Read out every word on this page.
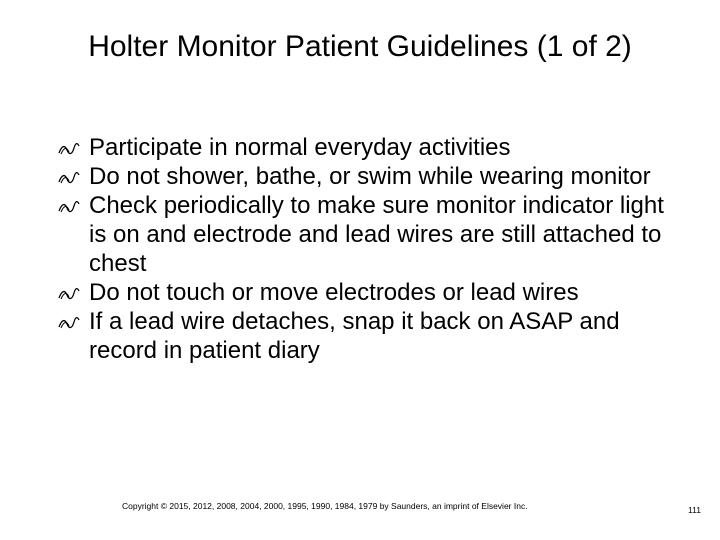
Holter Monitor Patient Guidelines (1 of 2)
Participate in normal everyday activities
Do not shower, bathe, or swim while wearing monitor
Check periodically to make sure monitor indicator light is on and electrode and lead wires are still attached to chest
Do not touch or move electrodes or lead wires
If a lead wire detaches, snap it back on ASAP and record in patient diary
Copyright © 2015, 2012, 2008, 2004, 2000, 1995, 1990, 1984, 1979 by Saunders, an imprint of Elsevier Inc.	111
